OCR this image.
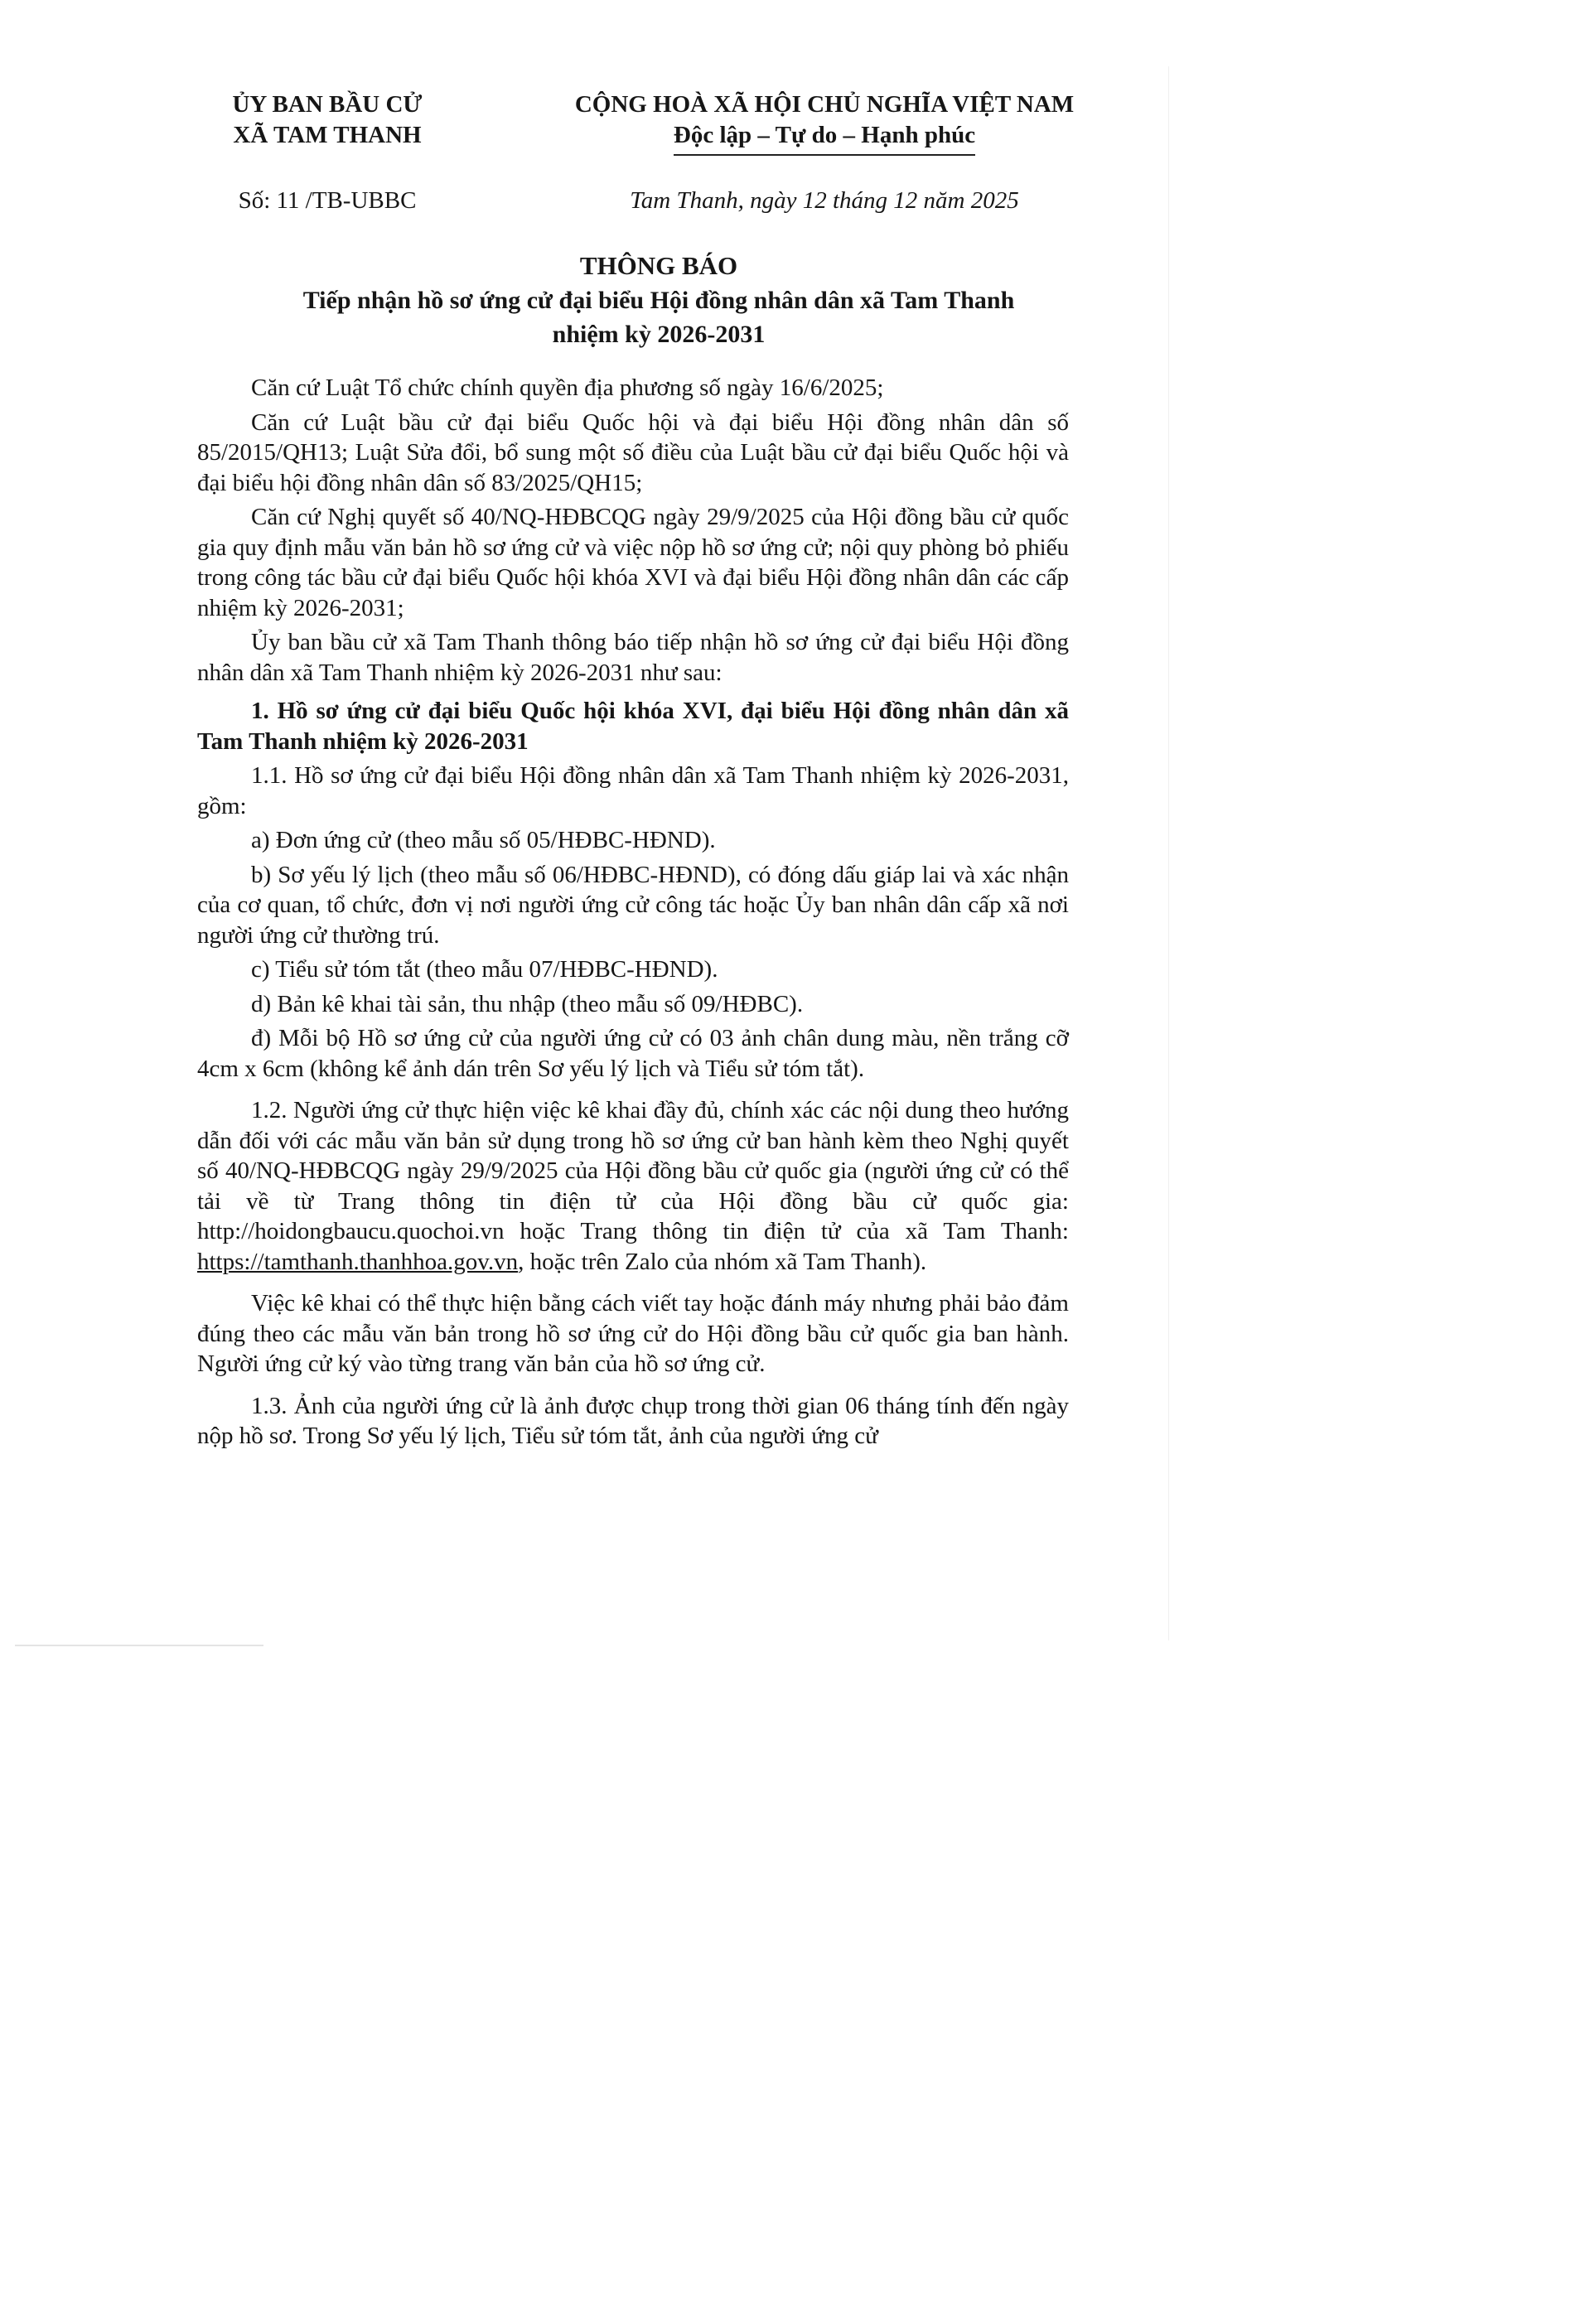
ỦY BAN BẦU CỬ
XÃ TAM THANH
CỘNG HOÀ XÃ HỘI CHỦ NGHĨA VIỆT NAM
Độc lập – Tự do – Hạnh phúc
Số: 11 /TB-UBBC	Tam Thanh, ngày 12 tháng 12 năm 2025
THÔNG BÁO
Tiếp nhận hồ sơ ứng cử đại biểu Hội đồng nhân dân xã Tam Thanh
nhiệm kỳ 2026-2031

Căn cứ Luật Tổ chức chính quyền địa phương số ngày 16/6/2025;

Căn cứ Luật bầu cử đại biểu Quốc hội và đại biểu Hội đồng nhân dân số 85/2015/QH13; Luật Sửa đổi, bổ sung một số điều của Luật bầu cử đại biểu Quốc hội và đại biểu hội đồng nhân dân số 83/2025/QH15;

Căn cứ Nghị quyết số 40/NQ-HĐBCQG ngày 29/9/2025 của Hội đồng bầu cử quốc gia quy định mẫu văn bản hồ sơ ứng cử và việc nộp hồ sơ ứng cử; nội quy phòng bỏ phiếu trong công tác bầu cử đại biểu Quốc hội khóa XVI và đại biểu Hội đồng nhân dân các cấp nhiệm kỳ 2026-2031;

Ủy ban bầu cử xã Tam Thanh thông báo tiếp nhận hồ sơ ứng cử đại biểu Hội đồng nhân dân xã Tam Thanh nhiệm kỳ 2026-2031 như sau:

1. Hồ sơ ứng cử đại biểu Quốc hội khóa XVI, đại biểu Hội đồng nhân dân xã Tam Thanh nhiệm kỳ 2026-2031

1.1. Hồ sơ ứng cử đại biểu Hội đồng nhân dân xã Tam Thanh nhiệm kỳ 2026-2031, gồm:

a) Đơn ứng cử (theo mẫu số 05/HĐBC-HĐND).

b) Sơ yếu lý lịch (theo mẫu số 06/HĐBC-HĐND), có đóng dấu giáp lai và xác nhận của cơ quan, tổ chức, đơn vị nơi người ứng cử công tác hoặc Ủy ban nhân dân cấp xã nơi người ứng cử thường trú.

c) Tiểu sử tóm tắt (theo mẫu 07/HĐBC-HĐND).

d) Bản kê khai tài sản, thu nhập (theo mẫu số 09/HĐBC).

đ) Mỗi bộ Hồ sơ ứng cử của người ứng cử có 03 ảnh chân dung màu, nền trắng cỡ 4cm x 6cm (không kể ảnh dán trên Sơ yếu lý lịch và Tiểu sử tóm tắt).

1.2. Người ứng cử thực hiện việc kê khai đầy đủ, chính xác các nội dung theo hướng dẫn đối với các mẫu văn bản sử dụng trong hồ sơ ứng cử ban hành kèm theo Nghị quyết số 40/NQ-HĐBCQG ngày 29/9/2025 của Hội đồng bầu cử quốc gia (người ứng cử có thể tải về từ Trang thông tin điện tử của Hội đồng bầu cử quốc gia: http://hoidongbaucu.quochoi.vn hoặc Trang thông tin điện tử của xã Tam Thanh: https://tamthanh.thanhhoa.gov.vn, hoặc trên Zalo của nhóm xã Tam Thanh).

Việc kê khai có thể thực hiện bằng cách viết tay hoặc đánh máy nhưng phải bảo đảm đúng theo các mẫu văn bản trong hồ sơ ứng cử do Hội đồng bầu cử quốc gia ban hành. Người ứng cử ký vào từng trang văn bản của hồ sơ ứng cử.

1.3. Ảnh của người ứng cử là ảnh được chụp trong thời gian 06 tháng tính đến ngày nộp hồ sơ. Trong Sơ yếu lý lịch, Tiểu sử tóm tắt, ảnh của người ứng cử
